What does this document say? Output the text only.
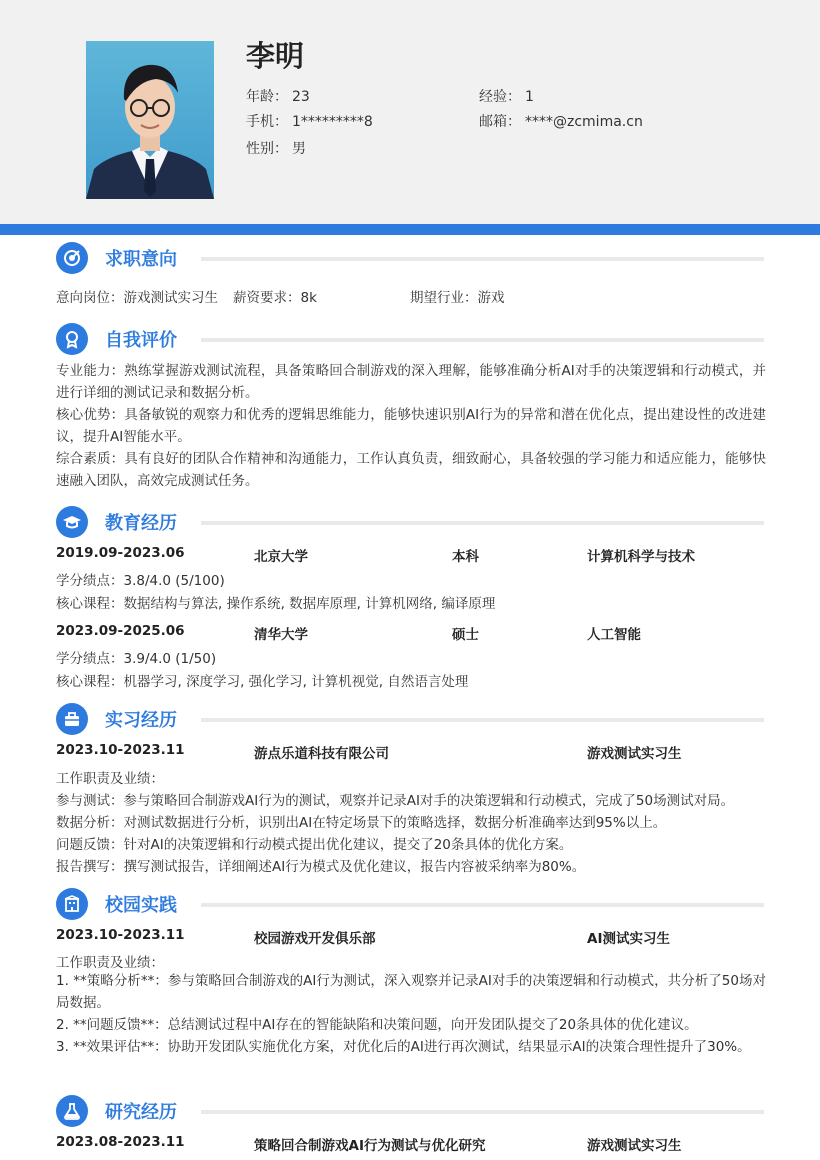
李明
年龄： 23	经验： 1
手机： 1*********8	邮箱： ****@zcmima.cn
性别： 男
求职意向
意向岗位：游戏测试实习生 薪资要求：8k	期望行业：游戏
自我评价
专业能力：熟练掌握游戏测试流程，具备策略回合制游戏的深入理解，能够准确分析AI对手的决策逻辑和行动模式，并进行详细的测试记录和数据分析。
核心优势：具备敏锐的观察力和优秀的逻辑思维能力，能够快速识别AI行为的异常和潜在优化点，提出建设性的改进建议，提升AI智能水平。
综合素质：具有良好的团队合作精神和沟通能力，工作认真负责，细致耐心，具备较强的学习能力和适应能力，能够快速融入团队，高效完成测试任务。
教育经历
2019.09-2023.06	北京大学	本科	计算机科学与技术
学分绩点：3.8/4.0 (5/100)
核心课程：数据结构与算法, 操作系统, 数据库原理, 计算机网络, 编译原理
2023.09-2025.06	清华大学	硕士	人工智能
学分绩点：3.9/4.0 (1/50)
核心课程：机器学习, 深度学习, 强化学习, 计算机视觉, 自然语言处理
实习经历
2023.10-2023.11	游点乐道科技有限公司	游戏测试实习生
工作职责及业绩：
参与测试：参与策略回合制游戏AI行为的测试，观察并记录AI对手的决策逻辑和行动模式，完成了50场测试对局。
数据分析：对测试数据进行分析，识别出AI在特定场景下的策略选择，数据分析准确率达到95%以上。
问题反馈：针对AI的决策逻辑和行动模式提出优化建议，提交了20条具体的优化方案。
报告撰写：撰写测试报告，详细阐述AI行为模式及优化建议，报告内容被采纳率为80%。
校园实践
2023.10-2023.11	校园游戏开发俱乐部	AI测试实习生
工作职责及业绩：
1. **策略分析**：参与策略回合制游戏的AI行为测试，深入观察并记录AI对手的决策逻辑和行动模式，共分析了50场对局数据。
2. **问题反馈**：总结测试过程中AI存在的智能缺陷和决策问题，向开发团队提交了20条具体的优化建议。
3. **效果评估**：协助开发团队实施优化方案，对优化后的AI进行再次测试，结果显示AI的决策合理性提升了30%。
研究经历
2023.08-2023.11	策略回合制游戏AI行为测试与优化研究	游戏测试实习生
